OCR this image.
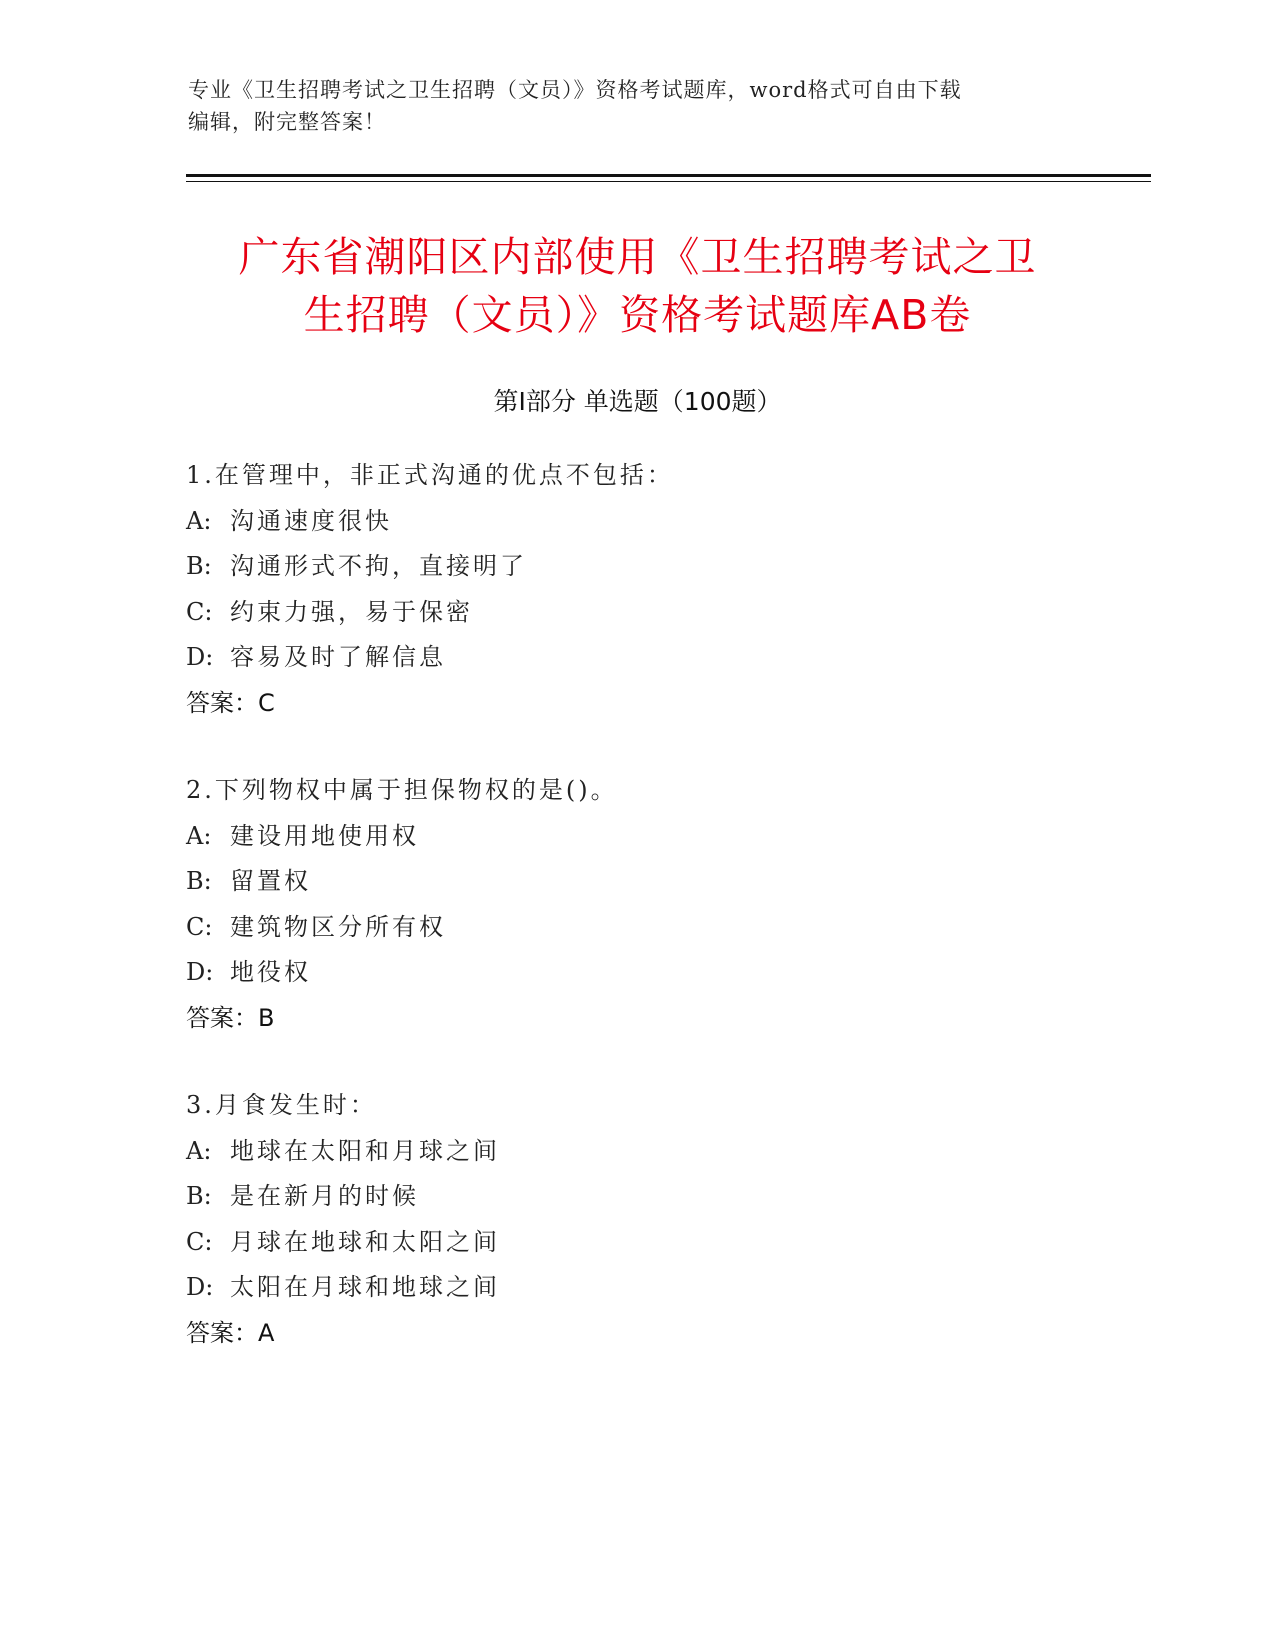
专业《卫生招聘考试之卫生招聘（文员）》资格考试题库，word格式可自由下载
编辑，附完整答案！
广东省潮阳区内部使用《卫生招聘考试之卫
生招聘（文员）》资格考试题库AB卷
第Ⅰ部分 单选题（100题）
1.在管理中，非正式沟通的优点不包括：
A: 沟通速度很快
B: 沟通形式不拘，直接明了
C: 约束力强，易于保密
D: 容易及时了解信息
答案：C
2.下列物权中属于担保物权的是()。
A: 建设用地使用权
B: 留置权
C: 建筑物区分所有权
D: 地役权
答案：B
3.月食发生时：
A: 地球在太阳和月球之间
B: 是在新月的时候
C: 月球在地球和太阳之间
D: 太阳在月球和地球之间
答案：A
